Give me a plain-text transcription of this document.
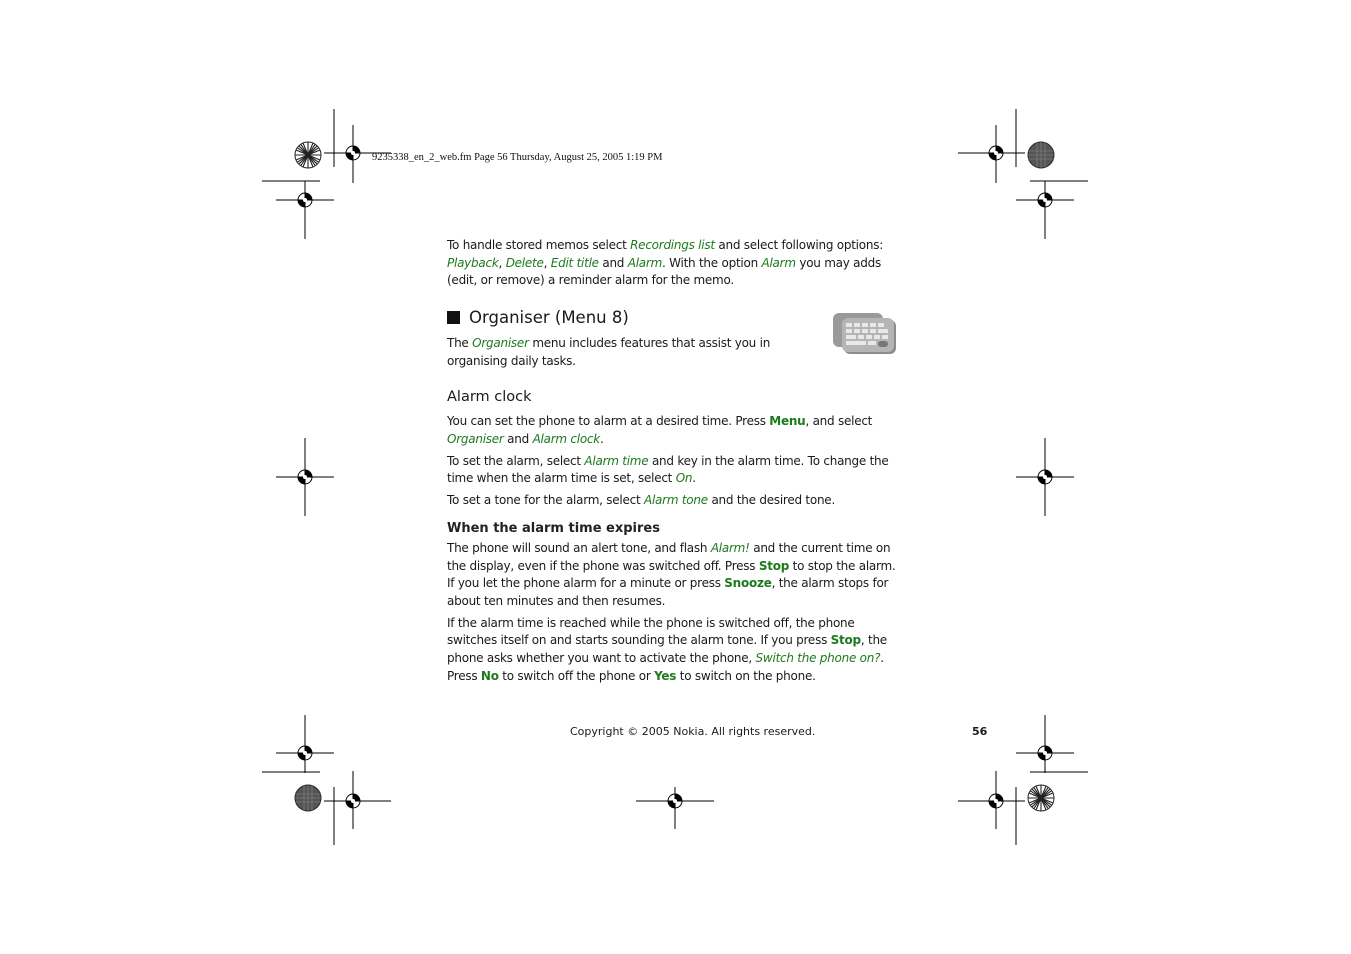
9235338_en_2_web.fm Page 56 Thursday, August 25, 2005 1:19 PM

To handle stored memos select Recordings list and select following options: Playback, Delete, Edit title and Alarm. With the option Alarm you may adds (edit, or remove) a reminder alarm for the memo.

Organiser (Menu 8)

The Organiser menu includes features that assist you in organising daily tasks.

Alarm clock

You can set the phone to alarm at a desired time. Press Menu, and select Organiser and Alarm clock.

To set the alarm, select Alarm time and key in the alarm time. To change the time when the alarm time is set, select On.

To set a tone for the alarm, select Alarm tone and the desired tone.

When the alarm time expires

The phone will sound an alert tone, and flash Alarm! and the current time on the display, even if the phone was switched off. Press Stop to stop the alarm. If you let the phone alarm for a minute or press Snooze, the alarm stops for about ten minutes and then resumes.

If the alarm time is reached while the phone is switched off, the phone switches itself on and starts sounding the alarm tone. If you press Stop, the phone asks whether you want to activate the phone, Switch the phone on?. Press No to switch off the phone or Yes to switch on the phone.

Copyright © 2005 Nokia. All rights reserved.	56
